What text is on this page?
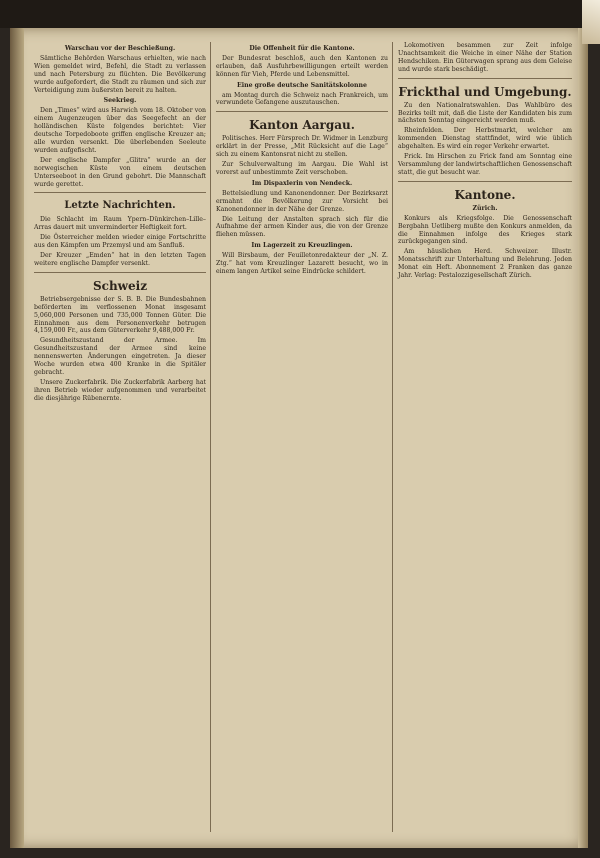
Warschau vor der Beschießung.

Sämtliche Behörden Warschaus erhielten, wie nach Wien gemeldet wird, Befehl, die Stadt zu verlassen und nach Petersburg zu flüchten. Die Bevölkerung wurde aufgefordert, die Stadt zu räumen und sich zur Verteidigung zum äußersten bereit zu halten.

Seekrieg.

Den „Times“ wird aus Harwich vom 18. Oktober von einem Augenzeugen über das Seegefecht an der holländischen Küste folgendes berichtet: Vier deutsche Torpedoboote griffen englische Kreuzer an; alle wurden versenkt. Die überlebenden Seeleute wurden aufgefischt.

Der englische Dampfer „Glitra“ wurde an der norwegischen Küste von einem deutschen Unterseeboot in den Grund gebohrt. Die Mannschaft wurde gerettet.

Letzte Nachrichten.

Die Schlacht im Raum Ypern–Dünkirchen–Lille–Arras dauert mit unverminderter Heftigkeit fort.

Die Österreicher melden wieder einige Fortschritte aus den Kämpfen um Przemysl und am Sanfluß.

Der Kreuzer „Emden“ hat in den letzten Tagen weitere englische Dampfer versenkt.

Schweiz

Betriebsergebnisse der S. B. B. Die Bundesbahnen beförderten im verflossenen Monat insgesamt 5,060,000 Personen und 735,000 Tonnen Güter. Die Einnahmen aus dem Personenverkehr betrugen 4,159,000 Fr., aus dem Güterverkehr 9,488,000 Fr.

Gesundheitszustand der Armee. Im Gesundheitszustand der Armee sind keine nennenswerten Änderungen eingetreten. Ja dieser Woche wurden etwa 400 Kranke in die Spitäler gebracht.

Unsere Zuckerfabrik. Die Zuckerfabrik Aarberg hat ihren Betrieb wieder aufgenommen und verarbeitet die diesjährige Rübenernte.

Die Offenheit für die Kantone.

Der Bundesrat beschloß, auch den Kantonen zu erlauben, daß Ausfuhrbewilligungen erteilt werden können für Vieh, Pferde und Lebensmittel.

Eine große deutsche Sanitätskolonne

am Montag durch die Schweiz nach Frankreich, um verwundete Gefangene auszutauschen.

Kanton Aargau.

Politisches. Herr Fürsprech Dr. Widmer in Lenzburg erklärt in der Presse, „Mit Rücksicht auf die Lage“ sich zu einem Kantonsrat nicht zu stellen.

Zur Schulverwaltung im Aargau. Die Wahl ist vorerst auf unbestimmte Zeit verschoben.

Im Dispaxlerin von Nendeck.

Bettelsiedlung und Kanonendonner. Der Bezirksarzt ermahnt die Bevölkerung zur Vorsicht bei Kanonendonner in der Nähe der Grenze.

Die Leitung der Anstalten sprach sich für die Aufnahme der armen Kinder aus, die von der Grenze fliehen müssen.

Im Lagerzeit zu Kreuzlingen.

Will Birsbaum, der Feuilletonredakteur der „N. Z. Ztg.“ hat vom Kreuzlinger Lazarett besucht, wo in einem langen Artikel seine Eindrücke schildert.

Lokomotiven besammen zur Zeit infolge Unachtsamkeit die Weiche in einer Nähe der Station Hendschiken. Ein Güterwagen sprang aus dem Geleise und wurde stark beschädigt.

Frickthal und Umgebung.

Zu den Nationalratswahlen. Das Wahlbüro des Bezirks teilt mit, daß die Liste der Kandidaten bis zum nächsten Sonntag eingereicht werden muß.

Rheinfelden. Der Herbstmarkt, welcher am kommenden Dienstag stattfindet, wird wie üblich abgehalten. Es wird ein reger Verkehr erwartet.

Frick. Im Hirschen zu Frick fand am Sonntag eine Versammlung der landwirtschaftlichen Genossenschaft statt, die gut besucht war.

Kantone.
Zürich.

Konkurs als Kriegsfolge. Die Genossenschaft Bergbahn Uetliberg mußte den Konkurs anmelden, da die Einnahmen infolge des Krieges stark zurückgegangen sind.

Am häuslichen Herd. Schweizer. Illustr. Monatsschrift zur Unterhaltung und Belehrung. Jeden Monat ein Heft. Abonnement 2 Franken das ganze Jahr. Verlag: Pestalozzigesellschaft Zürich.
